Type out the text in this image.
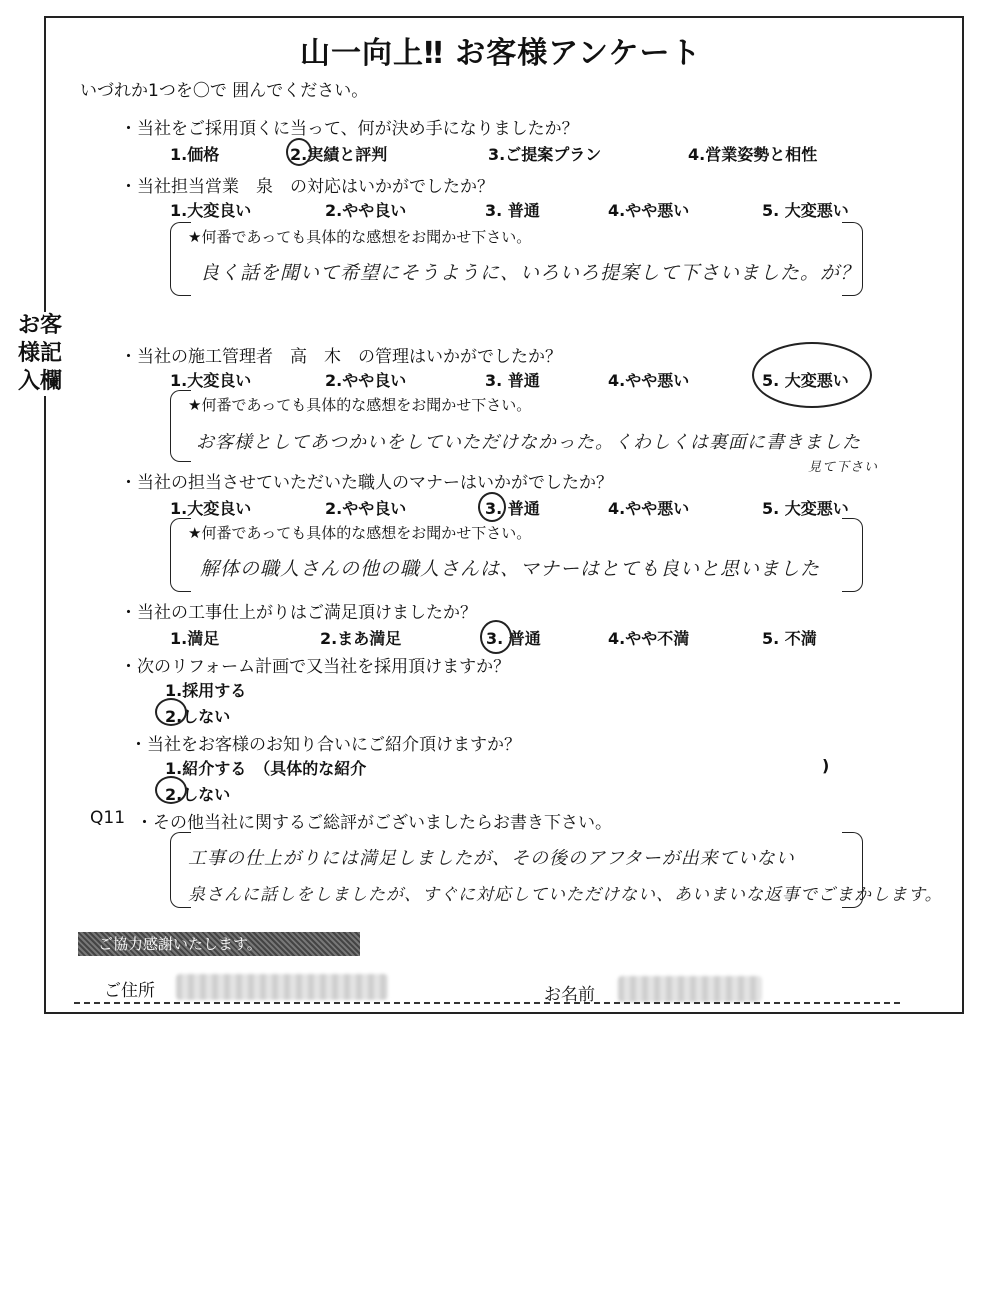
お客様記入欄
山一向上‼ お客様アンケート
いづれか1つを〇で 囲んでください。
・当社をご採用頂くに当って、何が決め手になりましたか？
1.価格	2.実績と評判	3.ご提案プラン	4.営業姿勢と相性
・当社担当営業　泉　の対応はいかがでしたか？
1.大変良い	2.やや良い	3. 普通	4.やや悪い	5. 大変悪い
★何番であっても具体的な感想をお聞かせ下さい。
良く話を聞いて希望にそうように、いろいろ提案して下さいました。が？
・当社の施工管理者　高　木　の管理はいかがでしたか？
1.大変良い	2.やや良い	3. 普通	4.やや悪い	5. 大変悪い
★何番であっても具体的な感想をお聞かせ下さい。
お客様としてあつかいをしていただけなかった。くわしくは裏面に書きました
見て下さい
・当社の担当させていただいた職人のマナーはいかがでしたか？
1.大変良い	2.やや良い	3. 普通	4.やや悪い	5. 大変悪い
★何番であっても具体的な感想をお聞かせ下さい。
解体の職人さんの他の職人さんは、マナーはとても良いと思いました
・当社の工事仕上がりはご満足頂けましたか？
1.満足	2.まあ満足	3. 普通	4.やや不満	5. 不満
・次のリフォーム計画で又当社を採用頂けますか？
1.採用する
2.しない
・当社をお客様のお知り合いにご紹介頂けますか？
1.紹介する　（具体的な紹介	)
2.しない
Q11 ・その他当社に関するご総評がございましたらお書き下さい。
工事の仕上がりには満足しましたが、その後のアフターが出来ていない
泉さんに話しをしましたが、すぐに対応していただけない、あいまいな返事でごまかします。
ご協力感謝いたします。
ご住所	お名前
